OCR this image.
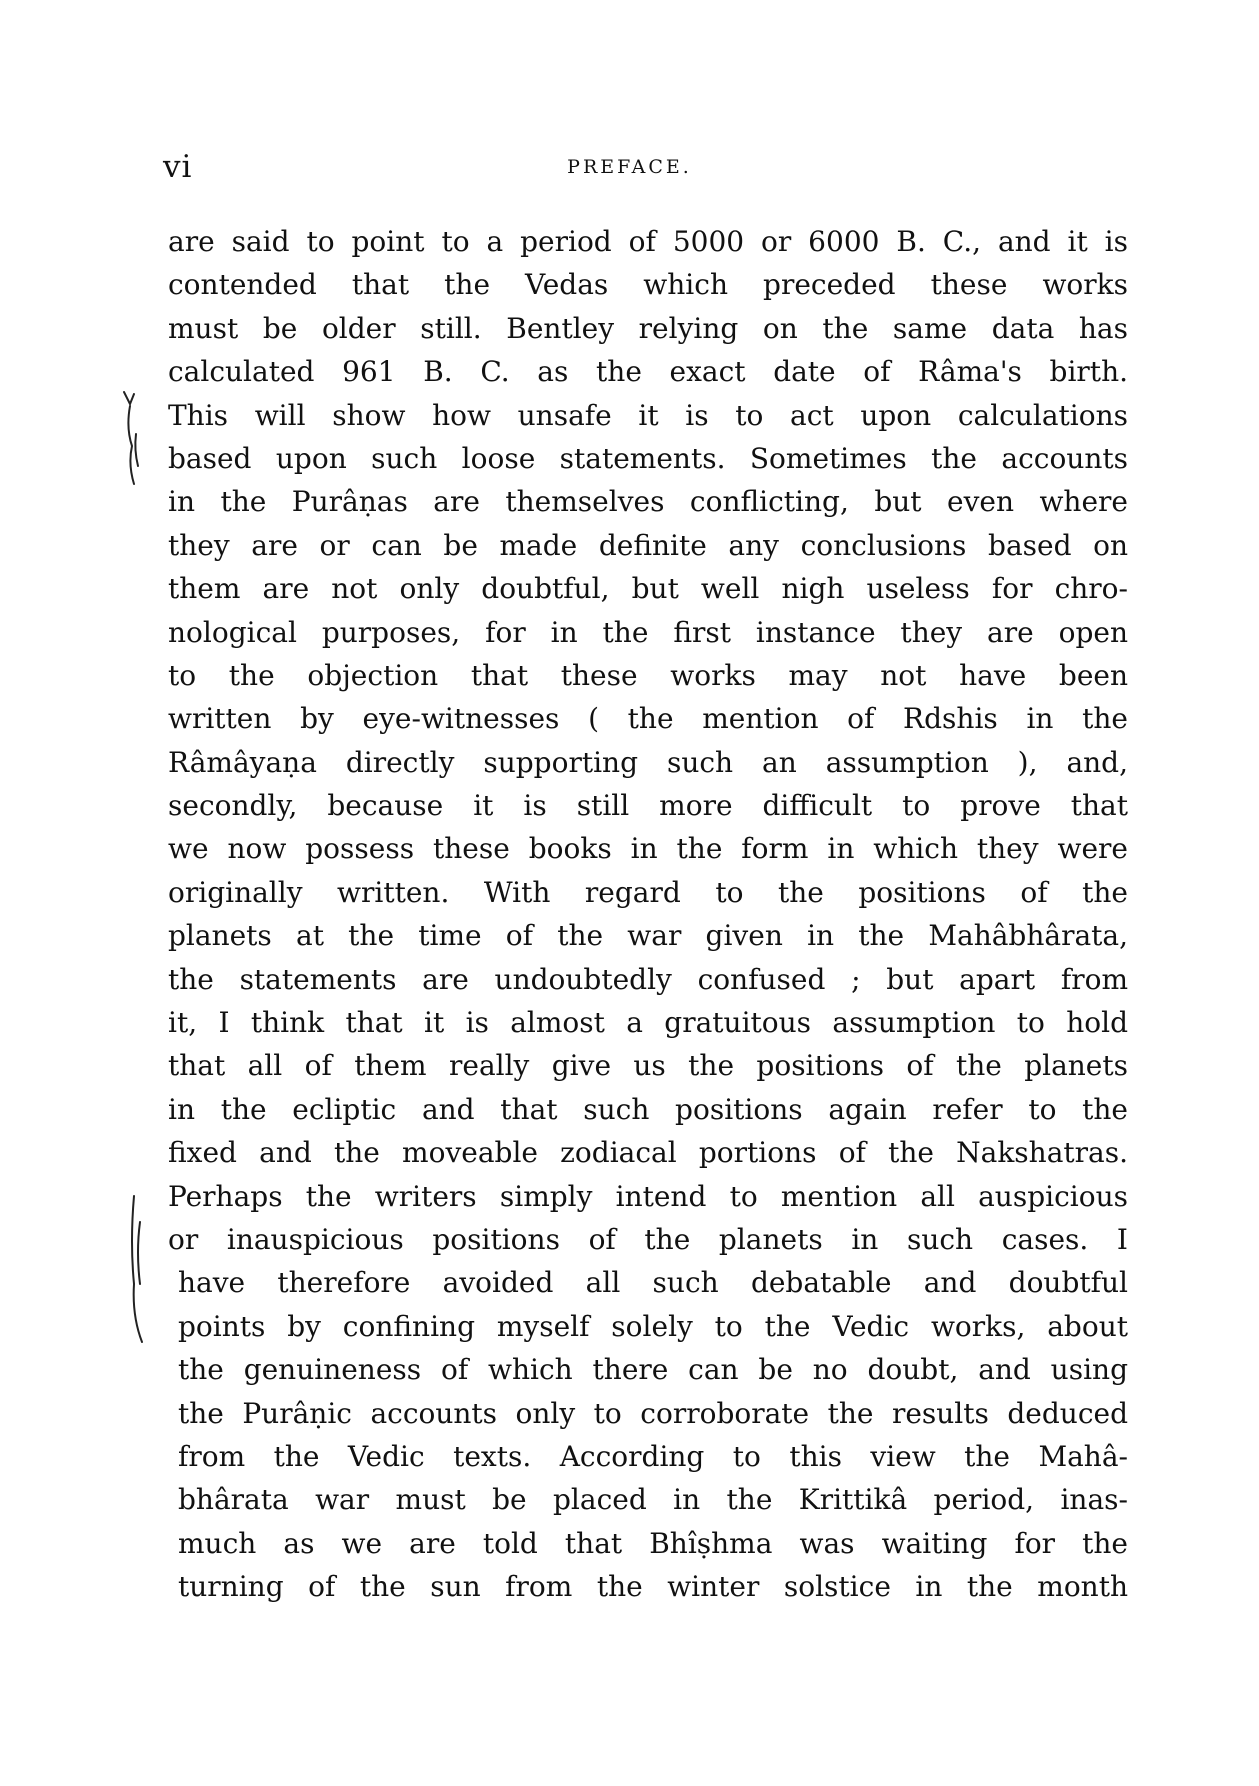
vi	PREFACE.
are said to point to a period of 5000 or 6000 B. C., and it is
contended that the Vedas which preceded these works
must be older still. Bentley relying on the same data has
calculated 961 B. C. as the exact date of Râma's birth.
This will show how unsafe it is to act upon calculations
based upon such loose statements. Sometimes the accounts
in the Purâṇas are themselves conflicting, but even where
they are or can be made definite any conclusions based on
them are not only doubtful, but well nigh useless for chro-
nological purposes, for in the first instance they are open
to the objection that these works may not have been
written by eye-witnesses ( the mention of Rdshis in the
Râmâyaṇa directly supporting such an assumption ), and,
secondly, because it is still more difficult to prove that
we now possess these books in the form in which they were
originally written. With regard to the positions of the
planets at the time of the war given in the Mahâbhârata,
the statements are undoubtedly confused ; but apart from
it, I think that it is almost a gratuitous assumption to hold
that all of them really give us the positions of the planets
in the ecliptic and that such positions again refer to the
fixed and the moveable zodiacal portions of the Nakshatras.
Perhaps the writers simply intend to mention all auspicious
or inauspicious positions of the planets in such cases. I
have therefore avoided all such debatable and doubtful
points by confining myself solely to the Vedic works, about
the genuineness of which there can be no doubt, and using
the Purâṇic accounts only to corroborate the results deduced
from the Vedic texts. According to this view the Mahâ-
bhârata war must be placed in the Krittikâ period, inas-
much as we are told that Bhîṣhma was waiting for the
turning of the sun from the winter solstice in the month
